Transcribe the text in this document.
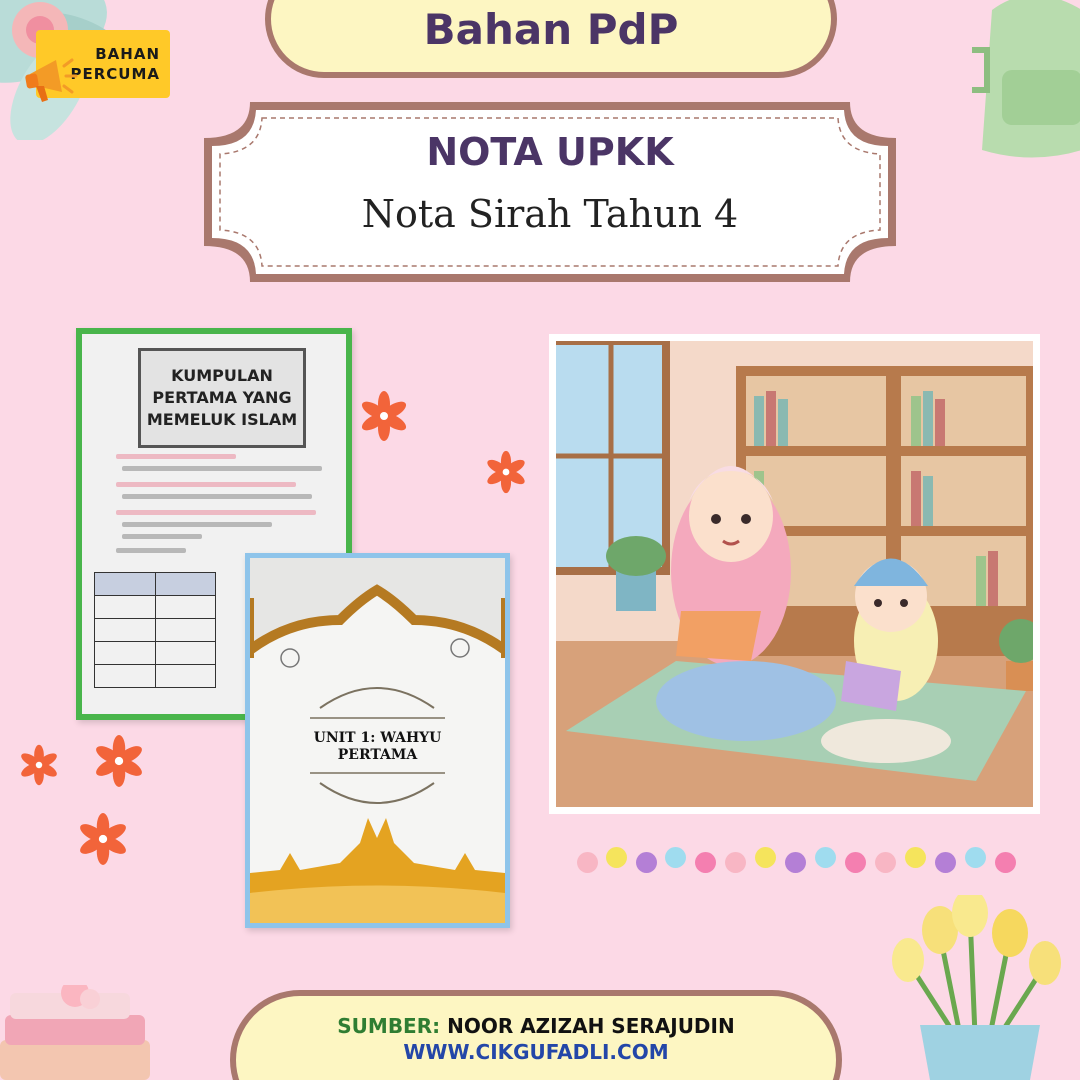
Bahan PdP
BAHAN
PERCUMA
NOTA UPKK
Nota Sirah Tahun 4
KUMPULAN
PERTAMA YANG
MEMELUK ISLAM
UNIT 1: WAHYU
PERTAMA
SUMBER: NOOR AZIZAH SERAJUDIN
WWW.CIKGUFADLI.COM
